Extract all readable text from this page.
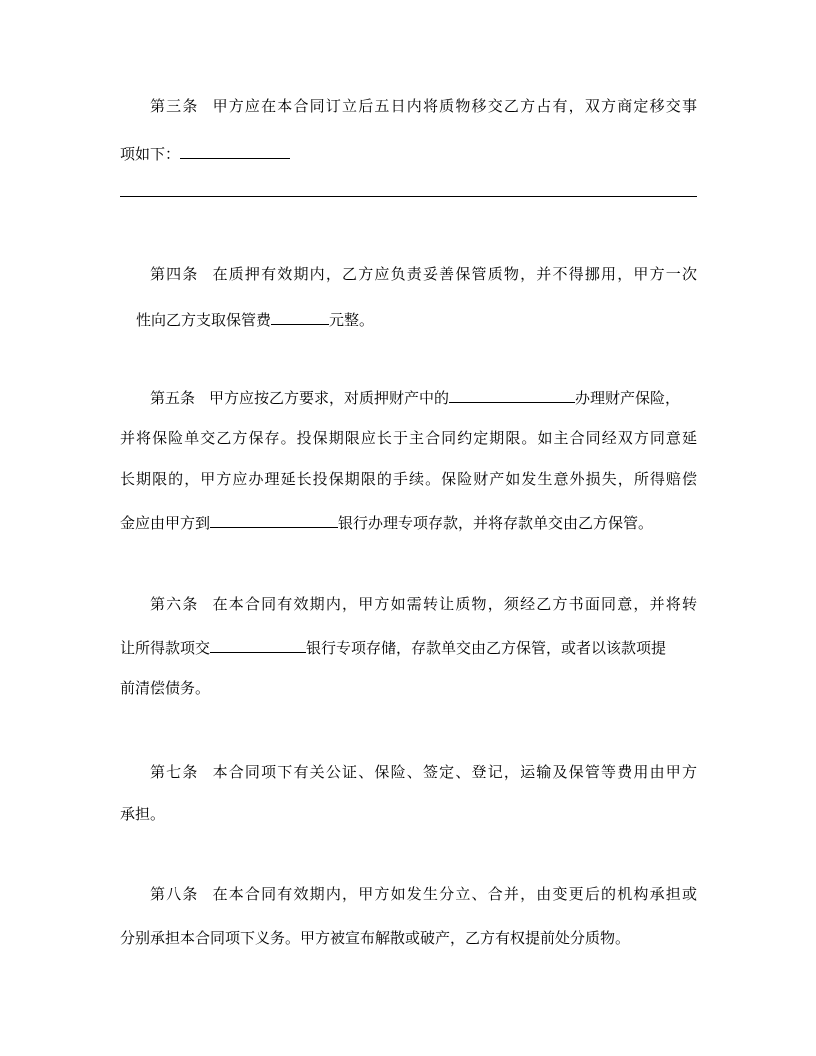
第三条 甲方应在本合同订立后五日内将质物移交乙方占有，双方商定移交事
项如下：
第四条 在质押有效期内，乙方应负责妥善保管质物，并不得挪用，甲方一次
性向乙方支取保管费	元整。
第五条 甲方应按乙方要求，对质押财产中的	办理财产保险，
并将保险单交乙方保存。投保期限应长于主合同约定期限。如主合同经双方同意延
长期限的，甲方应办理延长投保期限的手续。保险财产如发生意外损失，所得赔偿
金应由甲方到	银行办理专项存款，并将存款单交由乙方保管。
第六条 在本合同有效期内，甲方如需转让质物，须经乙方书面同意，并将转
让所得款项交	银行专项存储，存款单交由乙方保管，或者以该款项提
前清偿债务。
第七条 本合同项下有关公证、保险、签定、登记，运输及保管等费用由甲方
承担。
第八条 在本合同有效期内，甲方如发生分立、合并，由变更后的机构承担或
分别承担本合同项下义务。甲方被宣布解散或破产，乙方有权提前处分质物。
